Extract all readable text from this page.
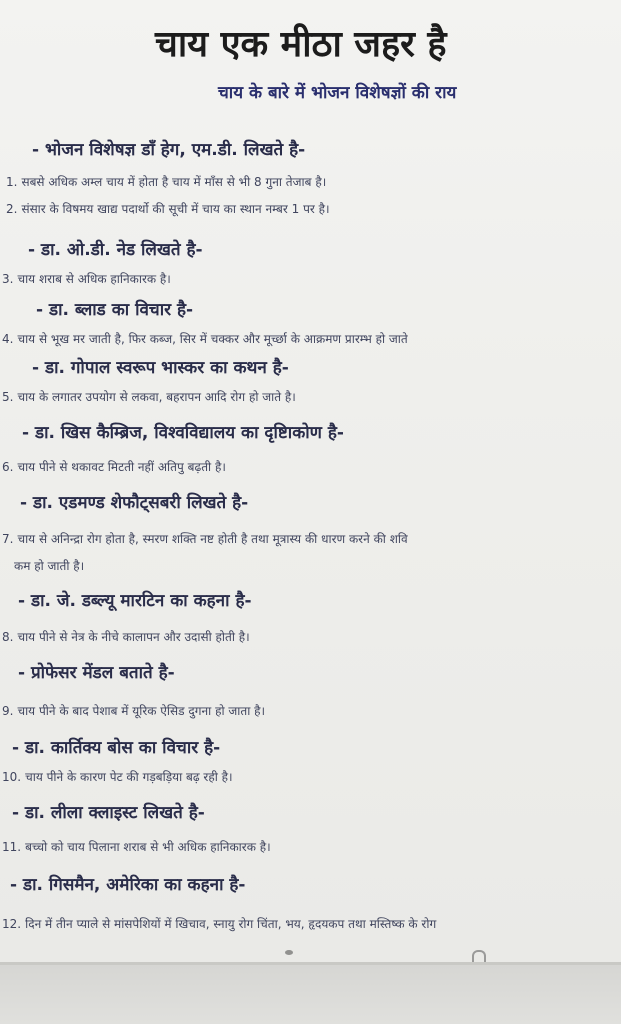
चाय एक मीठा जहर है
चाय के बारे में भोजन विशेषज्ञों की राय
- भोजन विशेषज्ञ डाँ हेग, एम.डी. लिखते है-
1. सबसे अधिक अम्ल चाय में होता है चाय में माँस से भी 8 गुना तेजाब है।
2. संसार के विषमय खाद्य पदार्थो की सूची में चाय का स्थान नम्बर 1 पर है।
- डा. ओ.डी. नेड लिखते है-
3. चाय शराब से अधिक हानिकारक है।
- डा. ब्लाड का विचार है-
4. चाय से भूख मर जाती है, फिर कब्ज, सिर में चक्कर और मूर्च्छा के आक्रमण प्रारम्भ हो जाते
- डा. गोपाल स्वरूप भास्कर का कथन है-
5. चाय के लगातर उपयोग से लकवा, बहरापन आदि रोग हो जाते है।
- डा. खिस कैम्ब्रिज, विश्वविद्यालय का दृष्टिाकोण है-
6. चाय पीने से थकावट मिटती नहीं अतिपु बढ़ती है।
- डा. एडमण्ड शेफौट्सबरी लिखते है-
7. चाय से अनिन्द्रा रोग होता है, स्मरण शक्ति नष्ट होती है तथा मूत्रास्य की धारण करने की शवि
कम हो जाती है।
- डा. जे. डब्ल्यू मारटिन का कहना है-
8. चाय पीने से नेत्र के नीचे कालापन और उदासी होती है।
- प्रोफेसर मेंडल बताते है-
9. चाय पीने के बाद पेशाब में यूरिक ऐसिड दुगना हो जाता है।
- डा. कार्तिक्य बोस का विचार है-
10. चाय पीने के कारण पेट की गड़बड़िया बढ़ रही है।
- डा. लीला क्लाइस्ट लिखते है-
11. बच्चो को चाय पिलाना शराब से भी अधिक हानिकारक है।
- डा. गिसमैन, अमेरिका का कहना है-
12. दिन में तीन प्याले से मांसपेशियों में खिचाव, स्नायु रोग चिंता, भय, हृदयकप तथा मस्तिष्क के रोग
